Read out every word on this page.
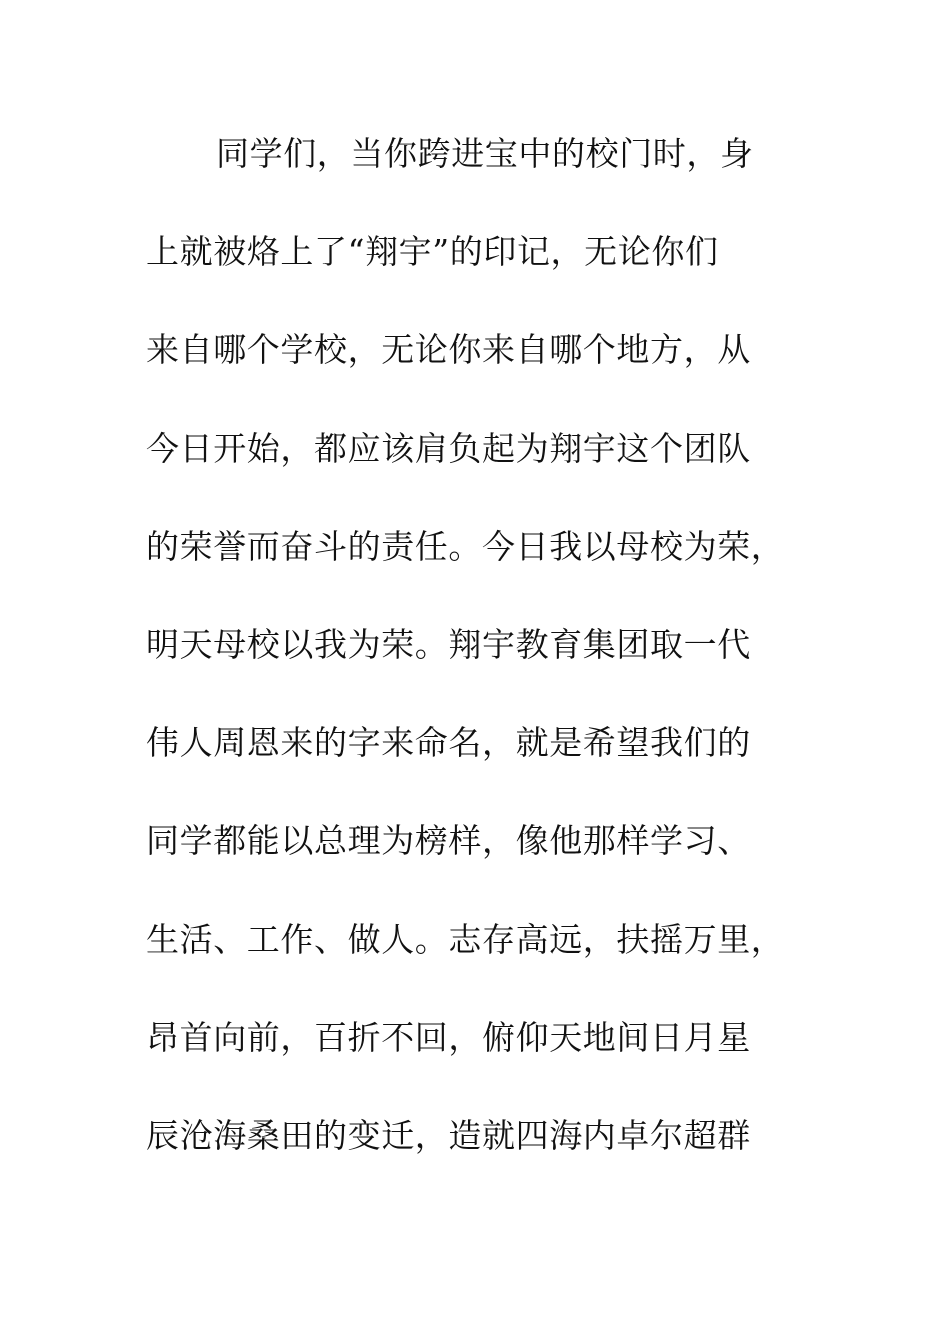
同学们，当你跨进宝中的校门时，身
上就被烙上了“翔宇”的印记，无论你们
来自哪个学校，无论你来自哪个地方，从
今日开始，都应该肩负起为翔宇这个团队
的荣誉而奋斗的责任。今日我以母校为荣，
明天母校以我为荣。翔宇教育集团取一代
伟人周恩来的字来命名，就是希望我们的
同学都能以总理为榜样，像他那样学习、
生活、工作、做人。志存高远，扶摇万里，
昂首向前，百折不回，俯仰天地间日月星
辰沧海桑田的变迁，造就四海内卓尔超群
